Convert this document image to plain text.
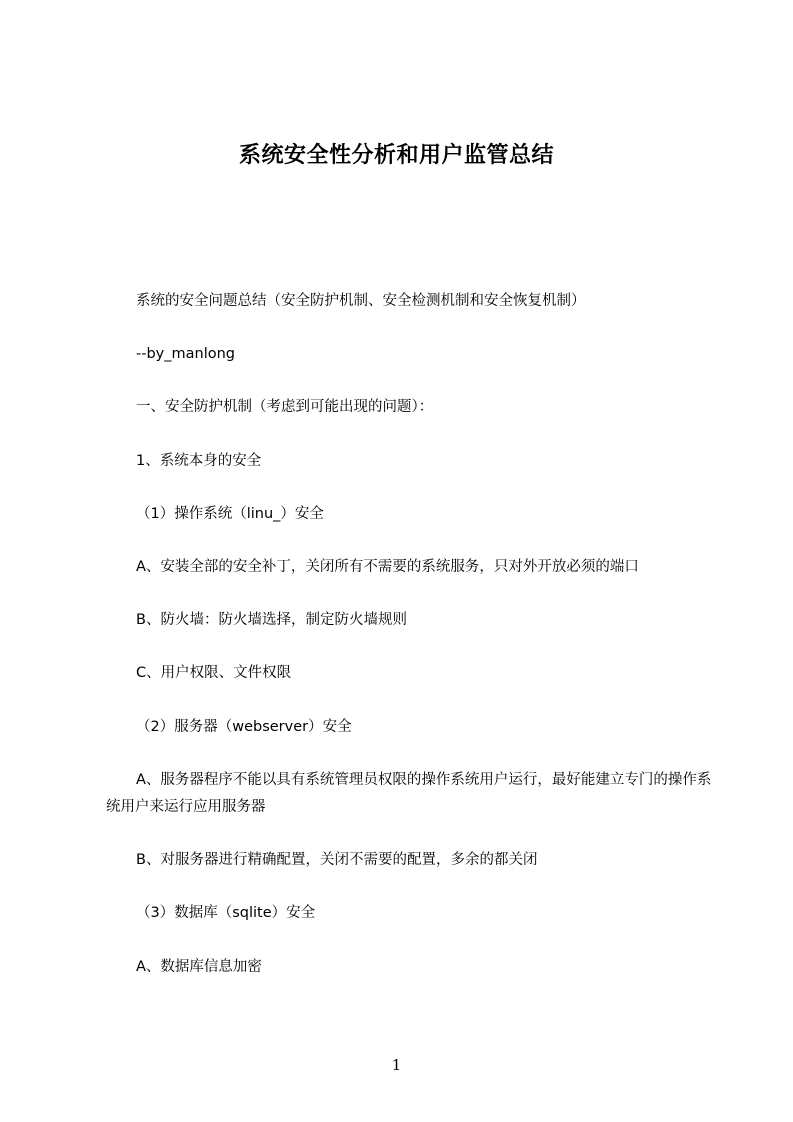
系统安全性分析和用户监管总结
系统的安全问题总结（安全防护机制、安全检测机制和安全恢复机制）
--by_manlong
一、安全防护机制（考虑到可能出现的问题）：
1、系统本身的安全
（1）操作系统（linu_）安全
A、安装全部的安全补丁，关闭所有不需要的系统服务，只对外开放必须的端口
B、防火墙：防火墙选择，制定防火墙规则
C、用户权限、文件权限
（2）服务器（webserver）安全
A、服务器程序不能以具有系统管理员权限的操作系统用户运行，最好能建立专门的操作系统用户来运行应用服务器
B、对服务器进行精确配置，关闭不需要的配置，多余的都关闭
（3）数据库（sqlite）安全
A、数据库信息加密
1
